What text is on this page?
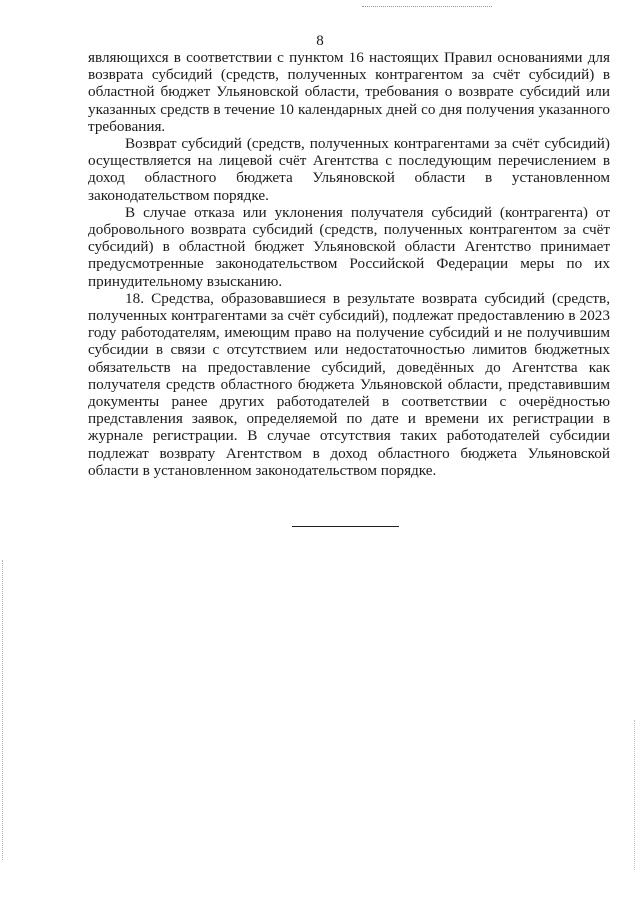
8

являющихся в соответствии с пунктом 16 настоящих Правил основаниями для возврата субсидий (средств, полученных контрагентом за счёт субсидий) в областной бюджет Ульяновской области, требования о возврате субсидий или указанных средств в течение 10 календарных дней со дня получения указанного требования.

Возврат субсидий (средств, полученных контрагентами за счёт субсидий) осуществляется на лицевой счёт Агентства с последующим перечислением в доход областного бюджета Ульяновской области в установленном законодательством порядке.

В случае отказа или уклонения получателя субсидий (контрагента) от добровольного возврата субсидий (средств, полученных контрагентом за счёт субсидий) в областной бюджет Ульяновской области Агентство принимает предусмотренные законодательством Российской Федерации меры по их принудительному взысканию.

18. Средства, образовавшиеся в результате возврата субсидий (средств, полученных контрагентами за счёт субсидий), подлежат предоставлению в 2023 году работодателям, имеющим право на получение субсидий и не получившим субсидии в связи с отсутствием или недостаточностью лимитов бюджетных обязательств на предоставление субсидий, доведённых до Агентства как получателя средств областного бюджета Ульяновской области, представившим документы ранее других работодателей в соответствии с очерёдностью представления заявок, определяемой по дате и времени их регистрации в журнале регистрации. В случае отсутствия таких работодателей субсидии подлежат возврату Агентством в доход областного бюджета Ульяновской области в установленном законодательством порядке.
